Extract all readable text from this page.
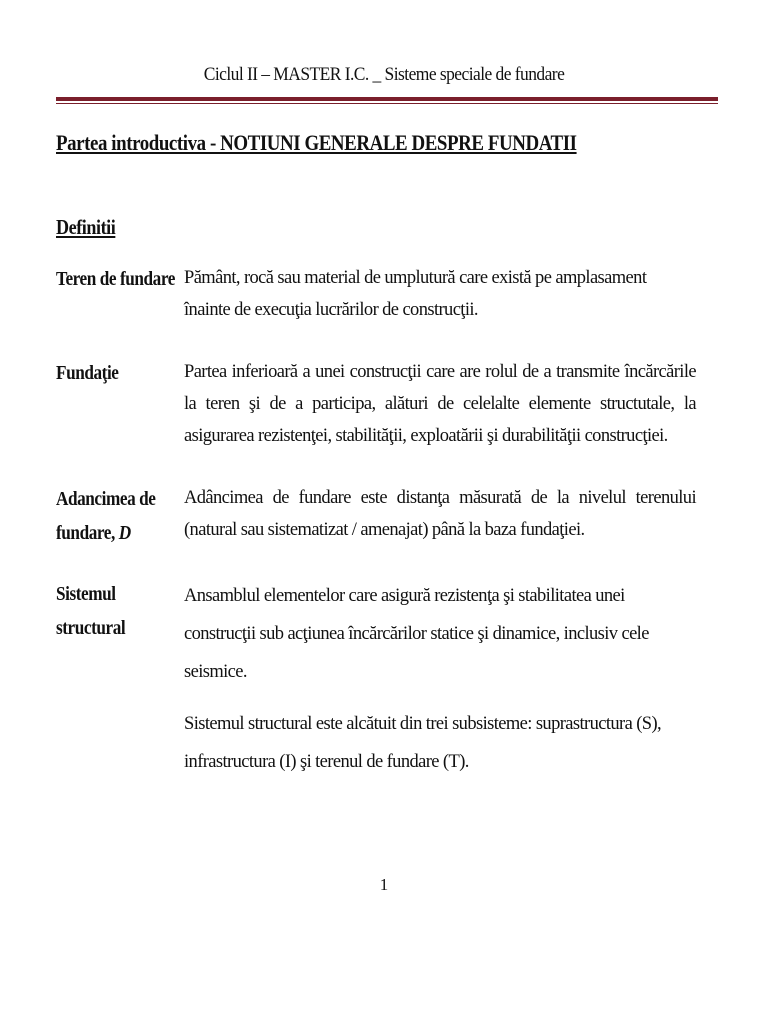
Ciclul II – MASTER I.C. _ Sisteme speciale de fundare
Partea introductiva - NOTIUNI GENERALE DESPRE FUNDATII
Definitii
Teren de fundare Pământ, rocă sau material de umplutură care există pe amplasament înainte de execuţia lucrărilor de construcţii.

Fundaţie	Partea inferioară a unei construcţii care are rolul de a transmite încărcările la teren şi de a participa, alături de celelalte elemente structutale, la asigurarea rezistenţei, stabilităţii, exploatării şi durabilităţii construcţiei.

Adancimea de
fundare, D

Adâncimea de fundare este distanţa măsurată de la nivelul terenului (natural sau sistematizat / amenajat) până la baza fundaţiei.

Sistemul
structural

Ansamblul elementelor care asigură rezistenţa şi stabilitatea unei construcţii sub acţiunea încărcărilor statice şi dinamice, inclusiv cele seismice.

Sistemul structural este alcătuit din trei subsisteme: suprastructura (S), infrastructura (I) şi terenul de fundare (T).

1
